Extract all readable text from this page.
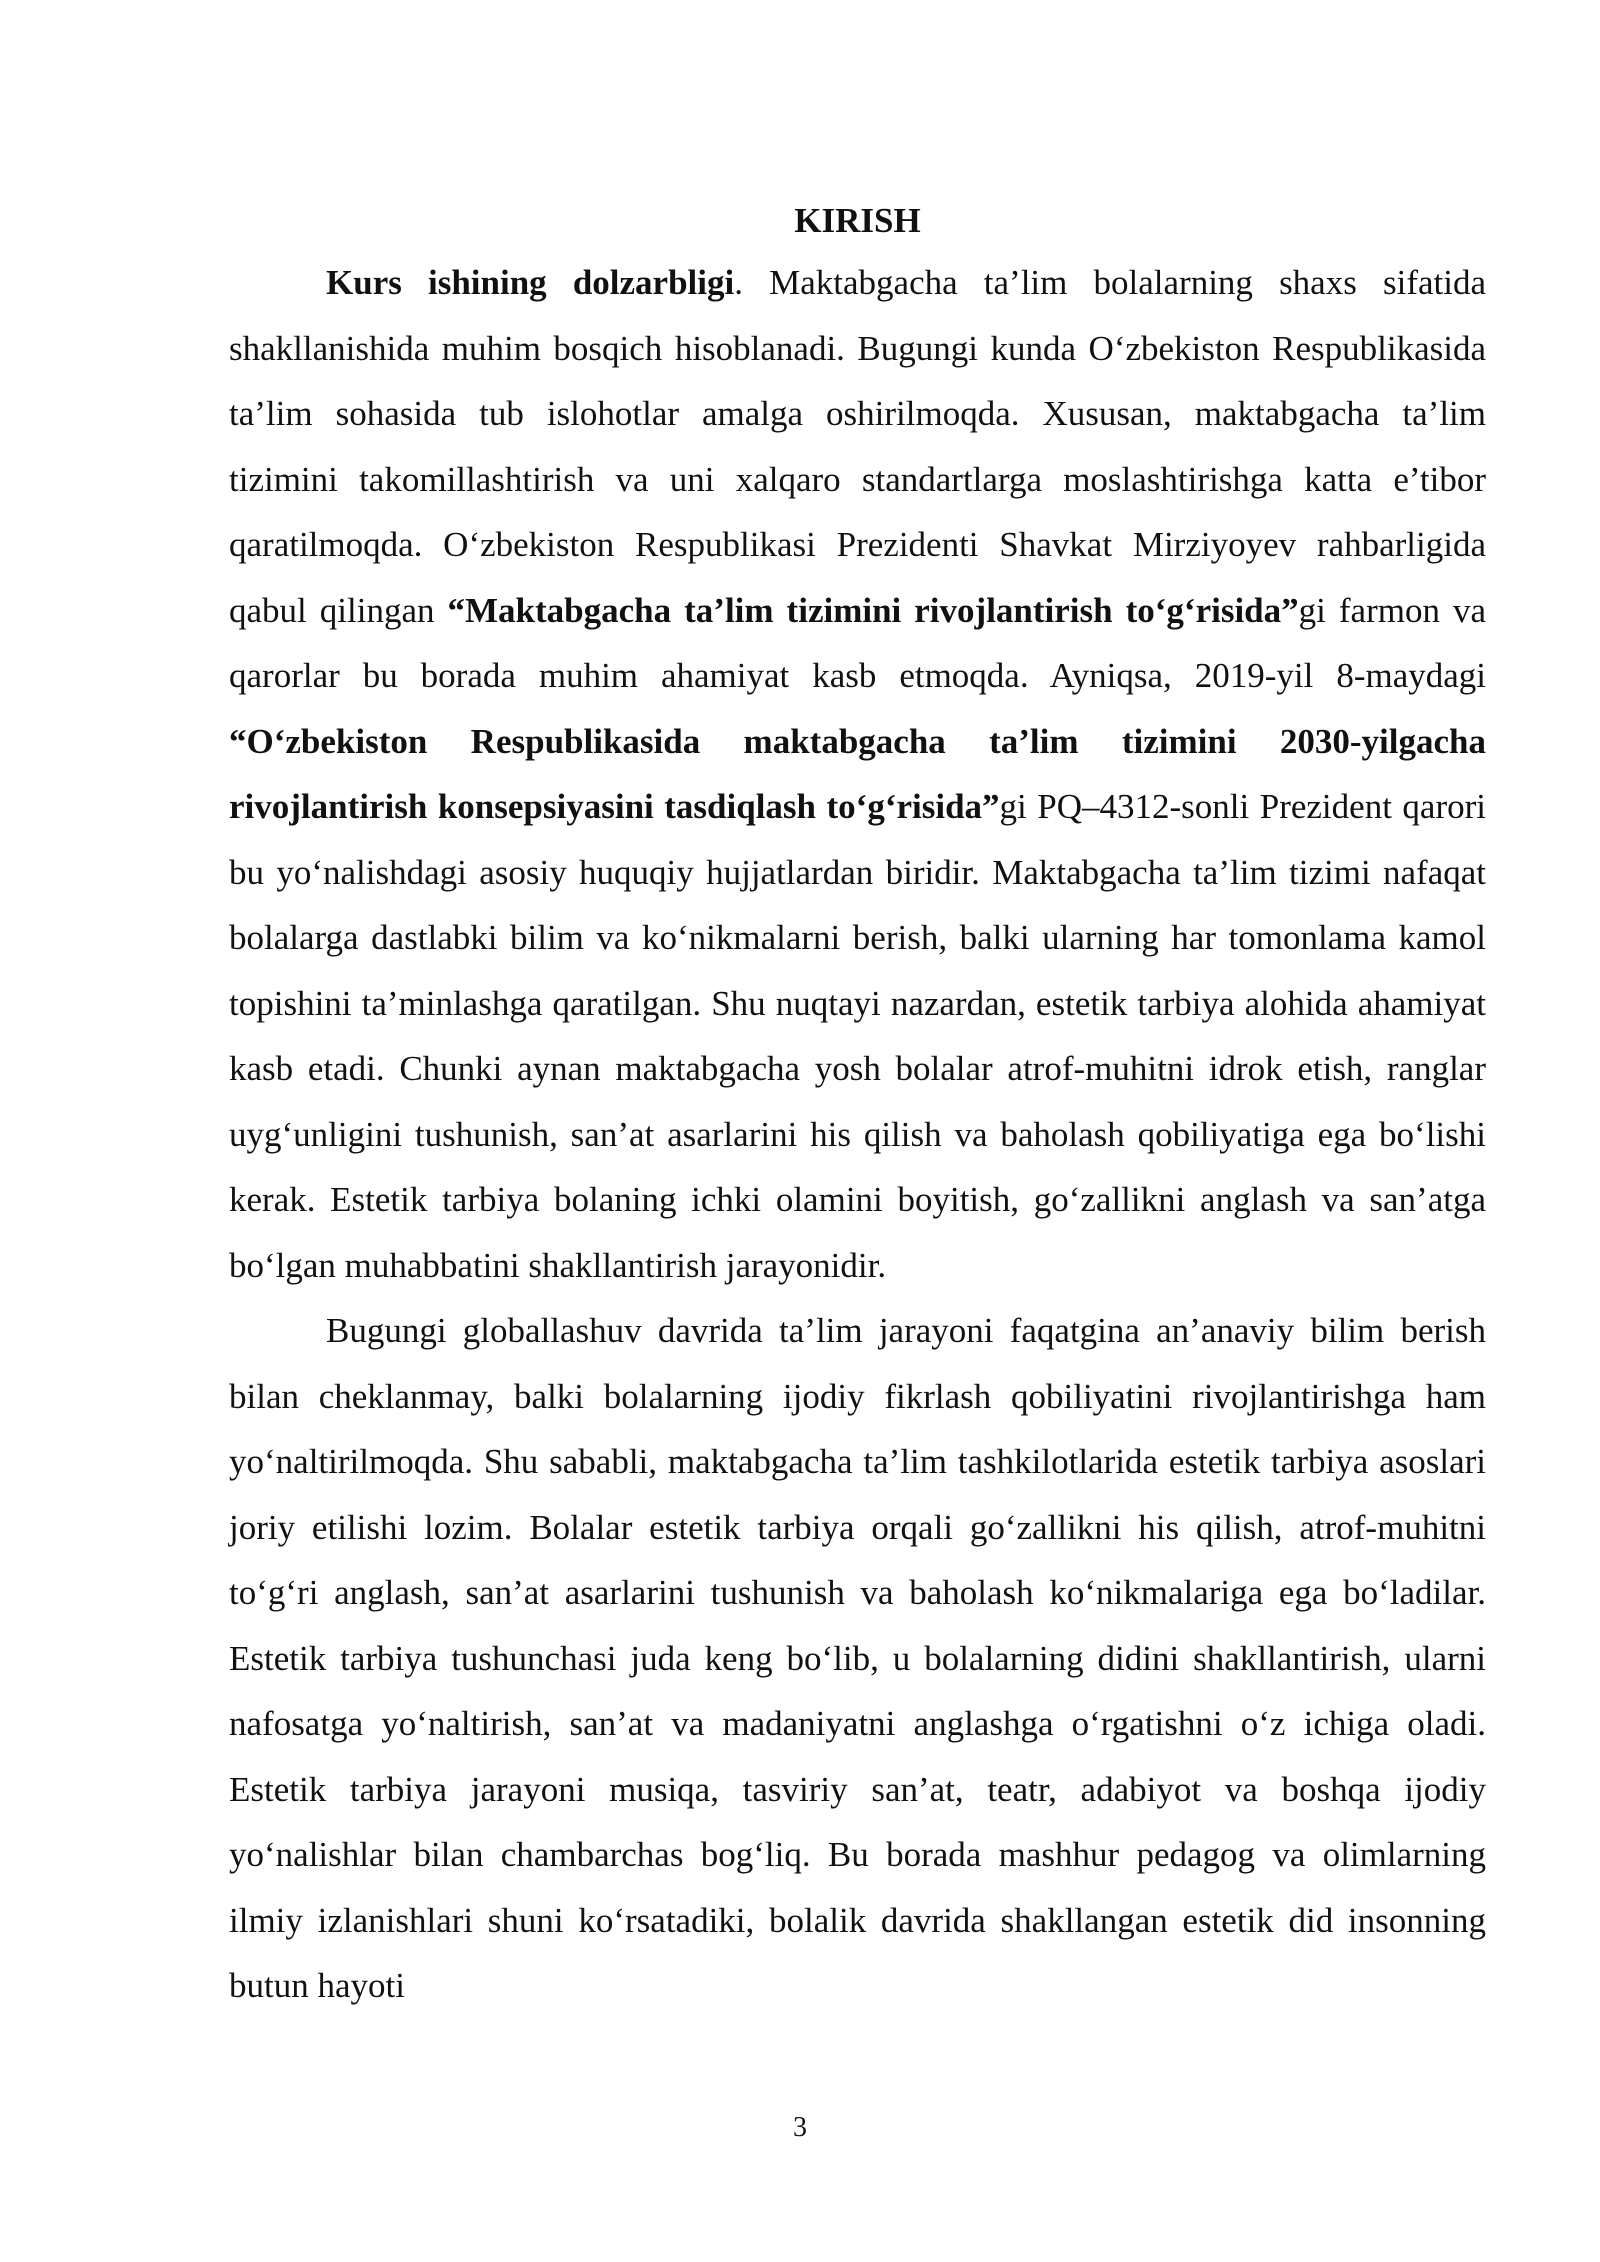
KIRISH

Kurs ishining dolzarbligi. Maktabgacha ta’lim bolalarning shaxs sifatida shakllanishida muhim bosqich hisoblanadi. Bugungi kunda O‘zbekiston Respublikasida ta’lim sohasida tub islohotlar amalga oshirilmoqda. Xususan, maktabgacha ta’lim tizimini takomillashtirish va uni xalqaro standartlarga moslashtirishga katta e’tibor qaratilmoqda. O‘zbekiston Respublikasi Prezidenti Shavkat Mirziyoyev rahbarligida qabul qilingan “Maktabgacha ta’lim tizimini rivojlantirish to‘g‘risida”gi farmon va qarorlar bu borada muhim ahamiyat kasb etmoqda. Ayniqsa, 2019-yil 8-maydagi “O‘zbekiston Respublikasida maktabgacha ta’lim tizimini 2030-yilgacha rivojlantirish konsepsiyasini tasdiqlash to‘g‘risida”gi PQ–4312-sonli Prezident qarori bu yo‘nalishdagi asosiy huquqiy hujjatlardan biridir. Maktabgacha ta’lim tizimi nafaqat bolalarga dastlabki bilim va ko‘nikmalarni berish, balki ularning har tomonlama kamol topishini ta’minlashga qaratilgan. Shu nuqtayi nazardan, estetik tarbiya alohida ahamiyat kasb etadi. Chunki aynan maktabgacha yosh bolalar atrof-muhitni idrok etish, ranglar uyg‘unligini tushunish, san’at asarlarini his qilish va baholash qobiliyatiga ega bo‘lishi kerak. Estetik tarbiya bolaning ichki olamini boyitish, go‘zallikni anglash va san’atga bo‘lgan muhabbatini shakllantirish jarayonidir.

Bugungi globallashuv davrida ta’lim jarayoni faqatgina an’anaviy bilim berish bilan cheklanmay, balki bolalarning ijodiy fikrlash qobiliyatini rivojlantirishga ham yo‘naltirilmoqda. Shu sababli, maktabgacha ta’lim tashkilotlarida estetik tarbiya asoslari joriy etilishi lozim. Bolalar estetik tarbiya orqali go‘zallikni his qilish, atrof-muhitni to‘g‘ri anglash, san’at asarlarini tushunish va baholash ko‘nikmalariga ega bo‘ladilar. Estetik tarbiya tushunchasi juda keng bo‘lib, u bolalarning didini shakllantirish, ularni nafosatga yo‘naltirish, san’at va madaniyatni anglashga o‘rgatishni o‘z ichiga oladi. Estetik tarbiya jarayoni musiqa, tasviriy san’at, teatr, adabiyot va boshqa ijodiy yo‘nalishlar bilan chambarchas bog‘liq. Bu borada mashhur pedagog va olimlarning ilmiy izlanishlari shuni ko‘rsatadiki, bolalik davrida shakllangan estetik did insonning butun hayoti

3
